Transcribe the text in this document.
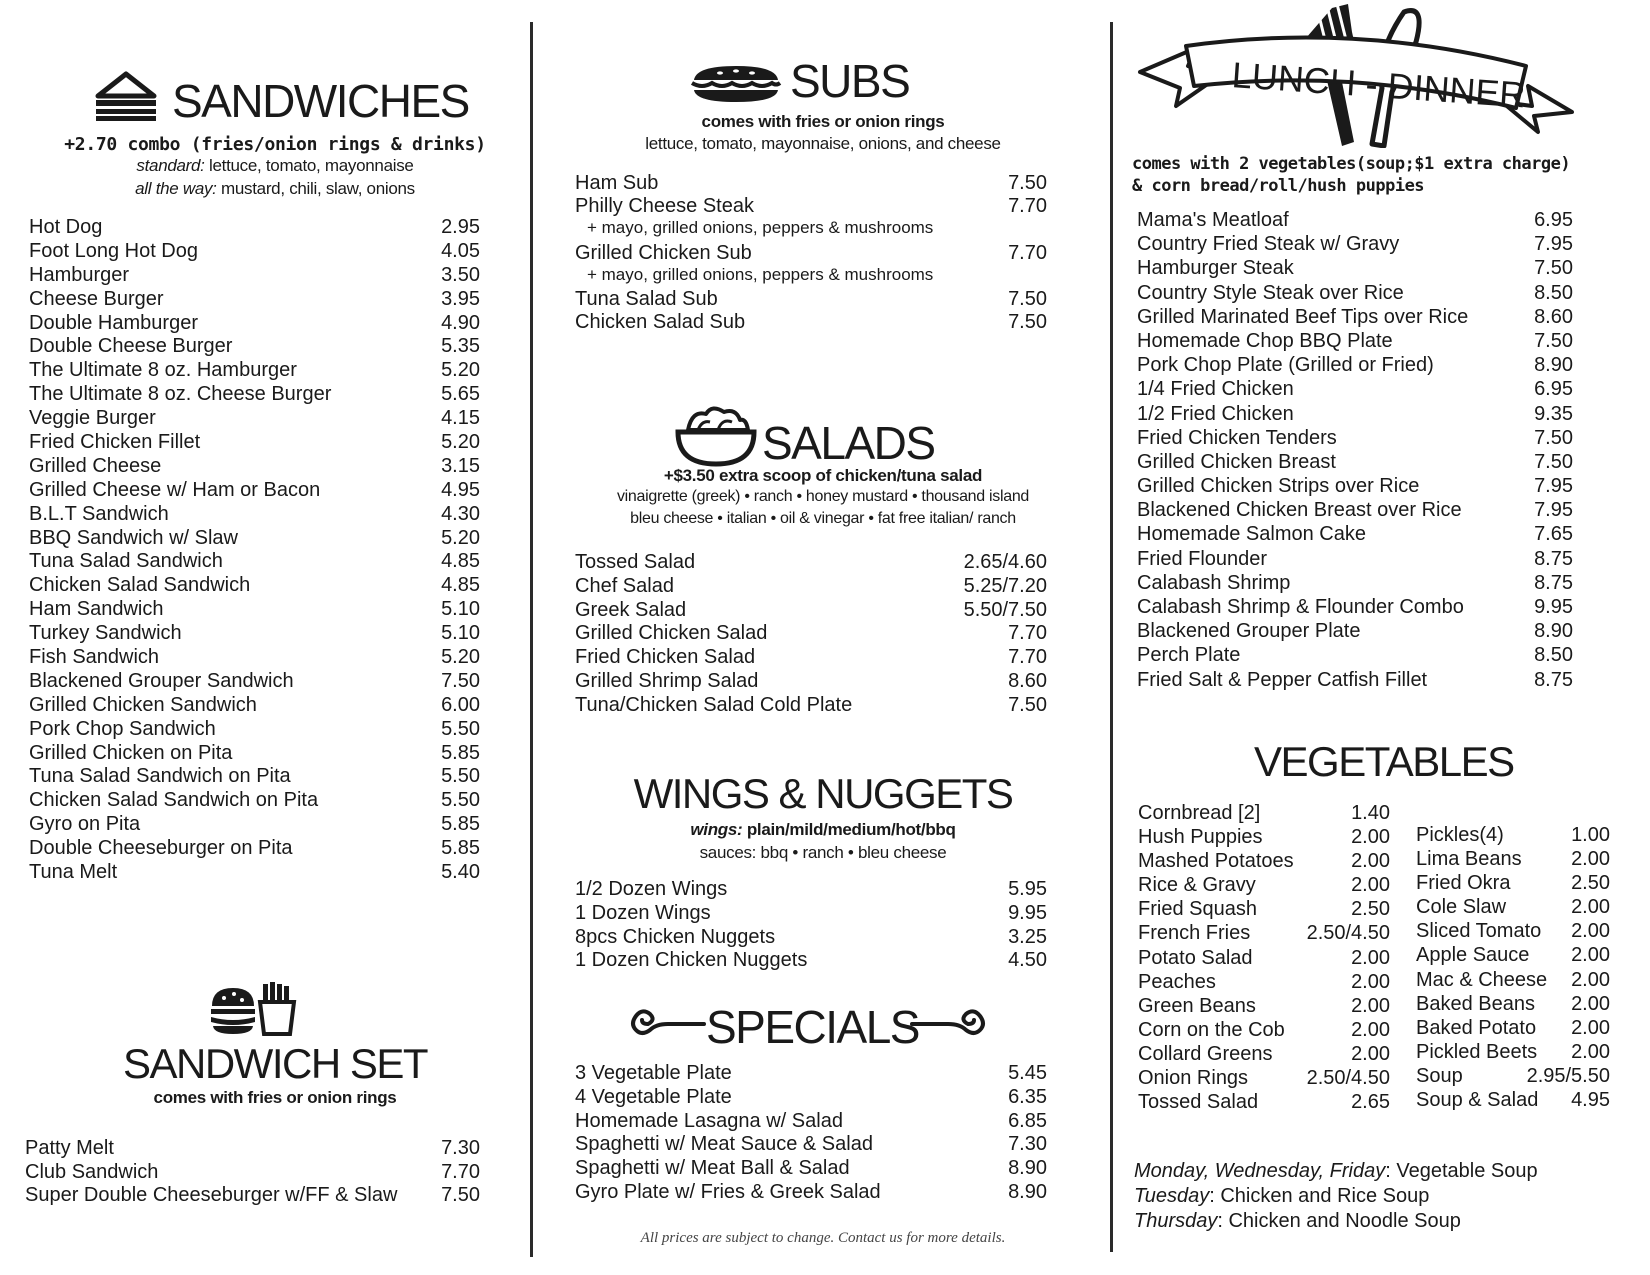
SANDWICHES
+2.70 combo (fries/onion rings & drinks)
standard: lettuce, tomato, mayonnaise
all the way: mustard, chili, slaw, onions
Hot Dog	2.95
Foot Long Hot Dog	4.05
Hamburger	3.50
Cheese Burger	3.95
Double Hamburger	4.90
Double Cheese Burger	5.35
The Ultimate 8 oz. Hamburger	5.20
The Ultimate 8 oz. Cheese Burger	5.65
Veggie Burger	4.15
Fried Chicken Fillet	5.20
Grilled Cheese	3.15
Grilled Cheese w/ Ham or Bacon	4.95
B.L.T Sandwich	4.30
BBQ Sandwich w/ Slaw	5.20
Tuna Salad Sandwich	4.85
Chicken Salad Sandwich	4.85
Ham Sandwich	5.10
Turkey Sandwich	5.10
Fish Sandwich	5.20
Blackened Grouper Sandwich	7.50
Grilled Chicken Sandwich	6.00
Pork Chop Sandwich	5.50
Grilled Chicken on Pita	5.85
Tuna Salad Sandwich on Pita	5.50
Chicken Salad Sandwich on Pita	5.50
Gyro on Pita	5.85
Double Cheeseburger on Pita	5.85
Tuna Melt	5.40
SANDWICH SET
comes with fries or onion rings
Patty Melt	7.30
Club Sandwich	7.70
Super Double Cheeseburger w/FF & Slaw 7.50
SUBS
comes with fries or onion rings
lettuce, tomato, mayonnaise, onions, and cheese
Ham Sub	7.50
Philly Cheese Steak	7.70
+ mayo, grilled onions, peppers & mushrooms
Grilled Chicken Sub	7.70
+ mayo, grilled onions, peppers & mushrooms
Tuna Salad Sub	7.50
Chicken Salad Sub	7.50
SALADS
+$3.50 extra scoop of chicken/tuna salad
vinaigrette (greek) • ranch • honey mustard • thousand island
bleu cheese • italian • oil & vinegar • fat free italian/ ranch
Tossed Salad	2.65/4.60
Chef Salad	5.25/7.20
Greek Salad	5.50/7.50
Grilled Chicken Salad	7.70
Fried Chicken Salad	7.70
Grilled Shrimp Salad	8.60
Tuna/Chicken Salad Cold Plate	7.50
WINGS & NUGGETS
wings: plain/mild/medium/hot/bbq
sauces: bbq • ranch • bleu cheese
1/2 Dozen Wings	5.95
1 Dozen Wings	9.95
8pcs Chicken Nuggets	3.25
1 Dozen Chicken Nuggets	4.50
SPECIALS
3 Vegetable Plate	5.45
4 Vegetable Plate	6.35
Homemade Lasagna w/ Salad	6.85
Spaghetti w/ Meat Sauce & Salad	7.30
Spaghetti w/ Meat Ball & Salad	8.90
Gyro Plate w/ Fries & Greek Salad	8.90
All prices are subject to change. Contact us for more details.
LUNCH - DINNER
comes with 2 vegetables(soup;$1 extra charge)
& corn bread/roll/hush puppies
Mama's Meatloaf	6.95
Country Fried Steak w/ Gravy	7.95
Hamburger Steak	7.50
Country Style Steak over Rice	8.50
Grilled Marinated Beef Tips over Rice	8.60
Homemade Chop BBQ Plate	7.50
Pork Chop Plate (Grilled or Fried)	8.90
1/4 Fried Chicken	6.95
1/2 Fried Chicken	9.35
Fried Chicken Tenders	7.50
Grilled Chicken Breast	7.50
Grilled Chicken Strips over Rice	7.95
Blackened Chicken Breast over Rice	7.95
Homemade Salmon Cake	7.65
Fried Flounder	8.75
Calabash Shrimp	8.75
Calabash Shrimp & Flounder Combo	9.95
Blackened Grouper Plate	8.90
Perch Plate	8.50
Fried Salt & Pepper Catfish Fillet	8.75
VEGETABLES
Cornbread [2]	1.40
Hush Puppies	2.00
Mashed Potatoes	2.00
Rice & Gravy	2.00
Fried Squash	2.50
French Fries	2.50/4.50
Potato Salad	2.00
Peaches	2.00
Green Beans	2.00
Corn on the Cob	2.00
Collard Greens	2.00
Onion Rings	2.50/4.50
Tossed Salad	2.65
Pickles(4)	1.00
Lima Beans 2.00
Fried Okra	2.50
Cole Slaw	2.00
Sliced Tomato 2.00
Apple Sauce 2.00
Mac & Cheese 2.00
Baked Beans 2.00
Baked Potato 2.00
Pickled Beets 2.00
Soup	2.95/5.50
Soup & Salad 4.95
Monday, Wednesday, Friday: Vegetable Soup
Tuesday: Chicken and Rice Soup
Thursday: Chicken and Noodle Soup
